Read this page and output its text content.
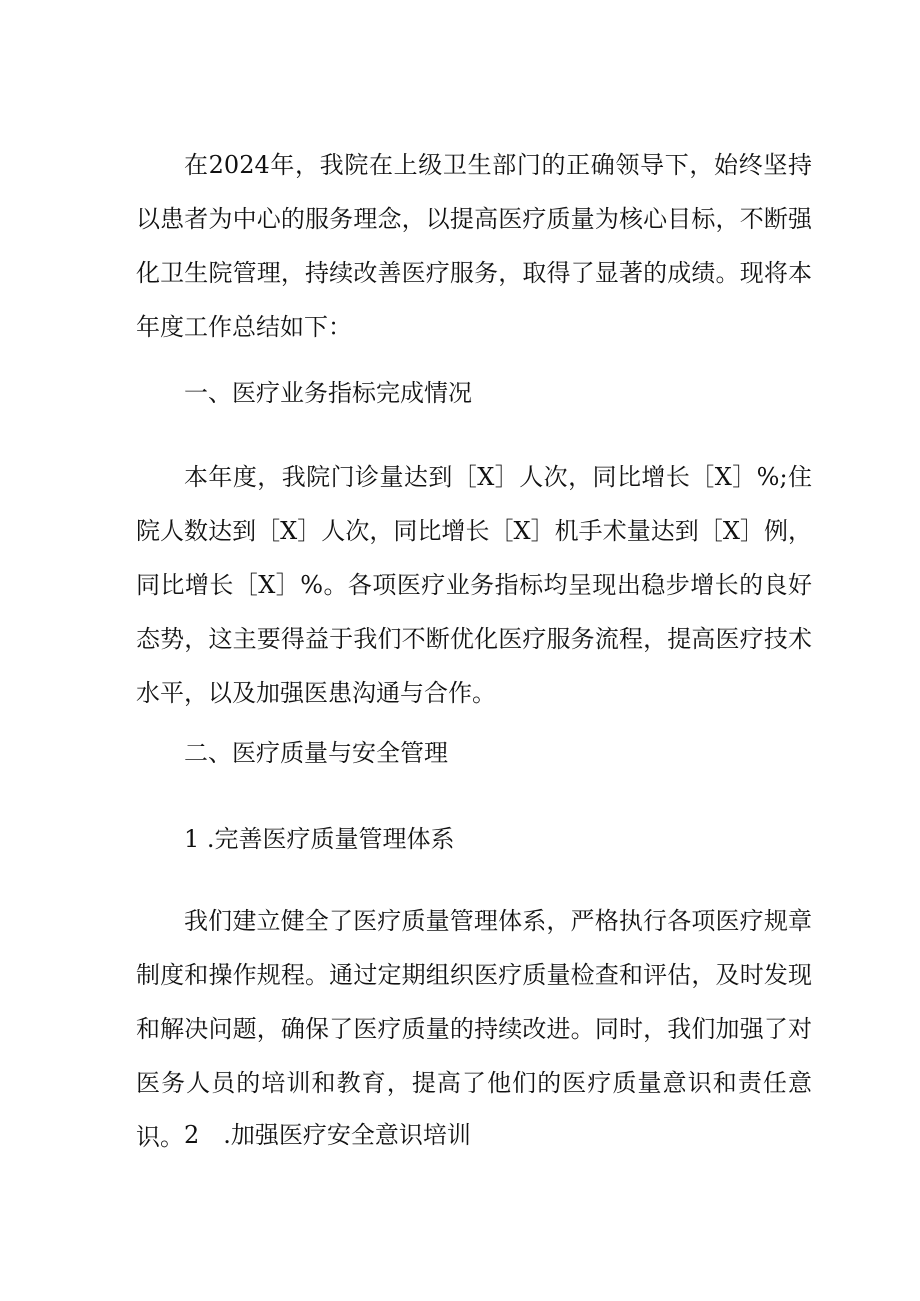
在2024年，我院在上级卫生部门的正确领导下，始终坚持以患者为中心的服务理念，以提高医疗质量为核心目标，不断强化卫生院管理，持续改善医疗服务，取得了显著的成绩。现将本年度工作总结如下：

一、医疗业务指标完成情况

本年度，我院门诊量达到［X］人次，同比增长［X］%;住院人数达到［X］人次，同比增长［X］机手术量达到［X］例，同比增长［X］%。各项医疗业务指标均呈现出稳步增长的良好态势，这主要得益于我们不断优化医疗服务流程，提高医疗技术水平，以及加强医患沟通与合作。

二、医疗质量与安全管理

1 .完善医疗质量管理体系

我们建立健全了医疗质量管理体系，严格执行各项医疗规章制度和操作规程。通过定期组织医疗质量检查和评估，及时发现和解决问题，确保了医疗质量的持续改进。同时，我们加强了对医务人员的培训和教育，提高了他们的医疗质量意识和责任意识。 2　.加强医疗安全意识培训
